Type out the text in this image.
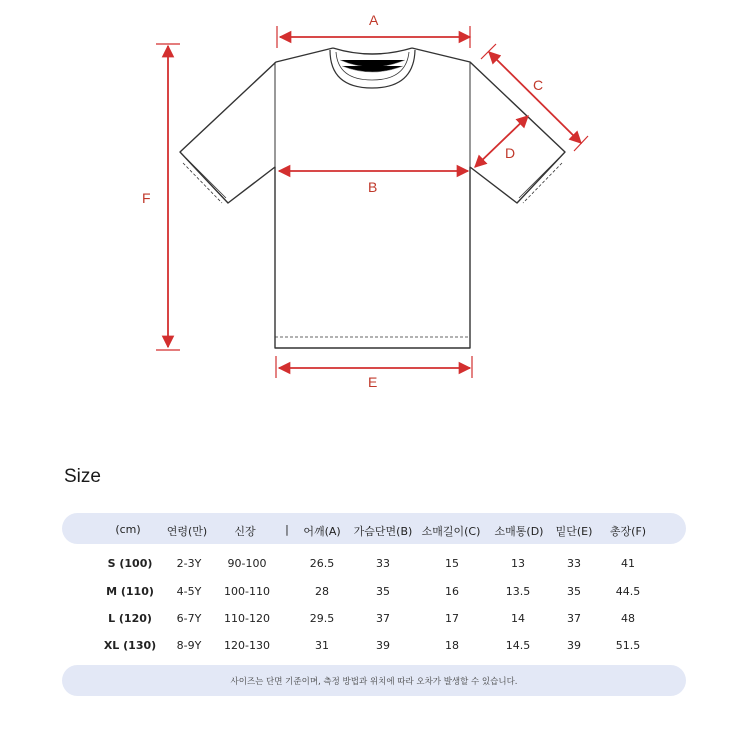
A
B
C
D
E
F
Size
(cm) 연령(만) 신장	| 어깨(A) 가슴단면(B) 소매길이(C) 소매통(D) 밑단(E) 총장(F)
S (100) 2-3Y 90-100	26.5	33	15	13	33	41
M (110) 4-5Y 100-110	28	35	16	13.5	35	44.5
L (120) 6-7Y 110-120	29.5	37	17	14	37	48
XL (130) 8-9Y 120-130	31	39	18	14.5	39	51.5
사이즈는 단면 기준이며, 측정 방법과 위치에 따라 오차가 발생할 수 있습니다.
